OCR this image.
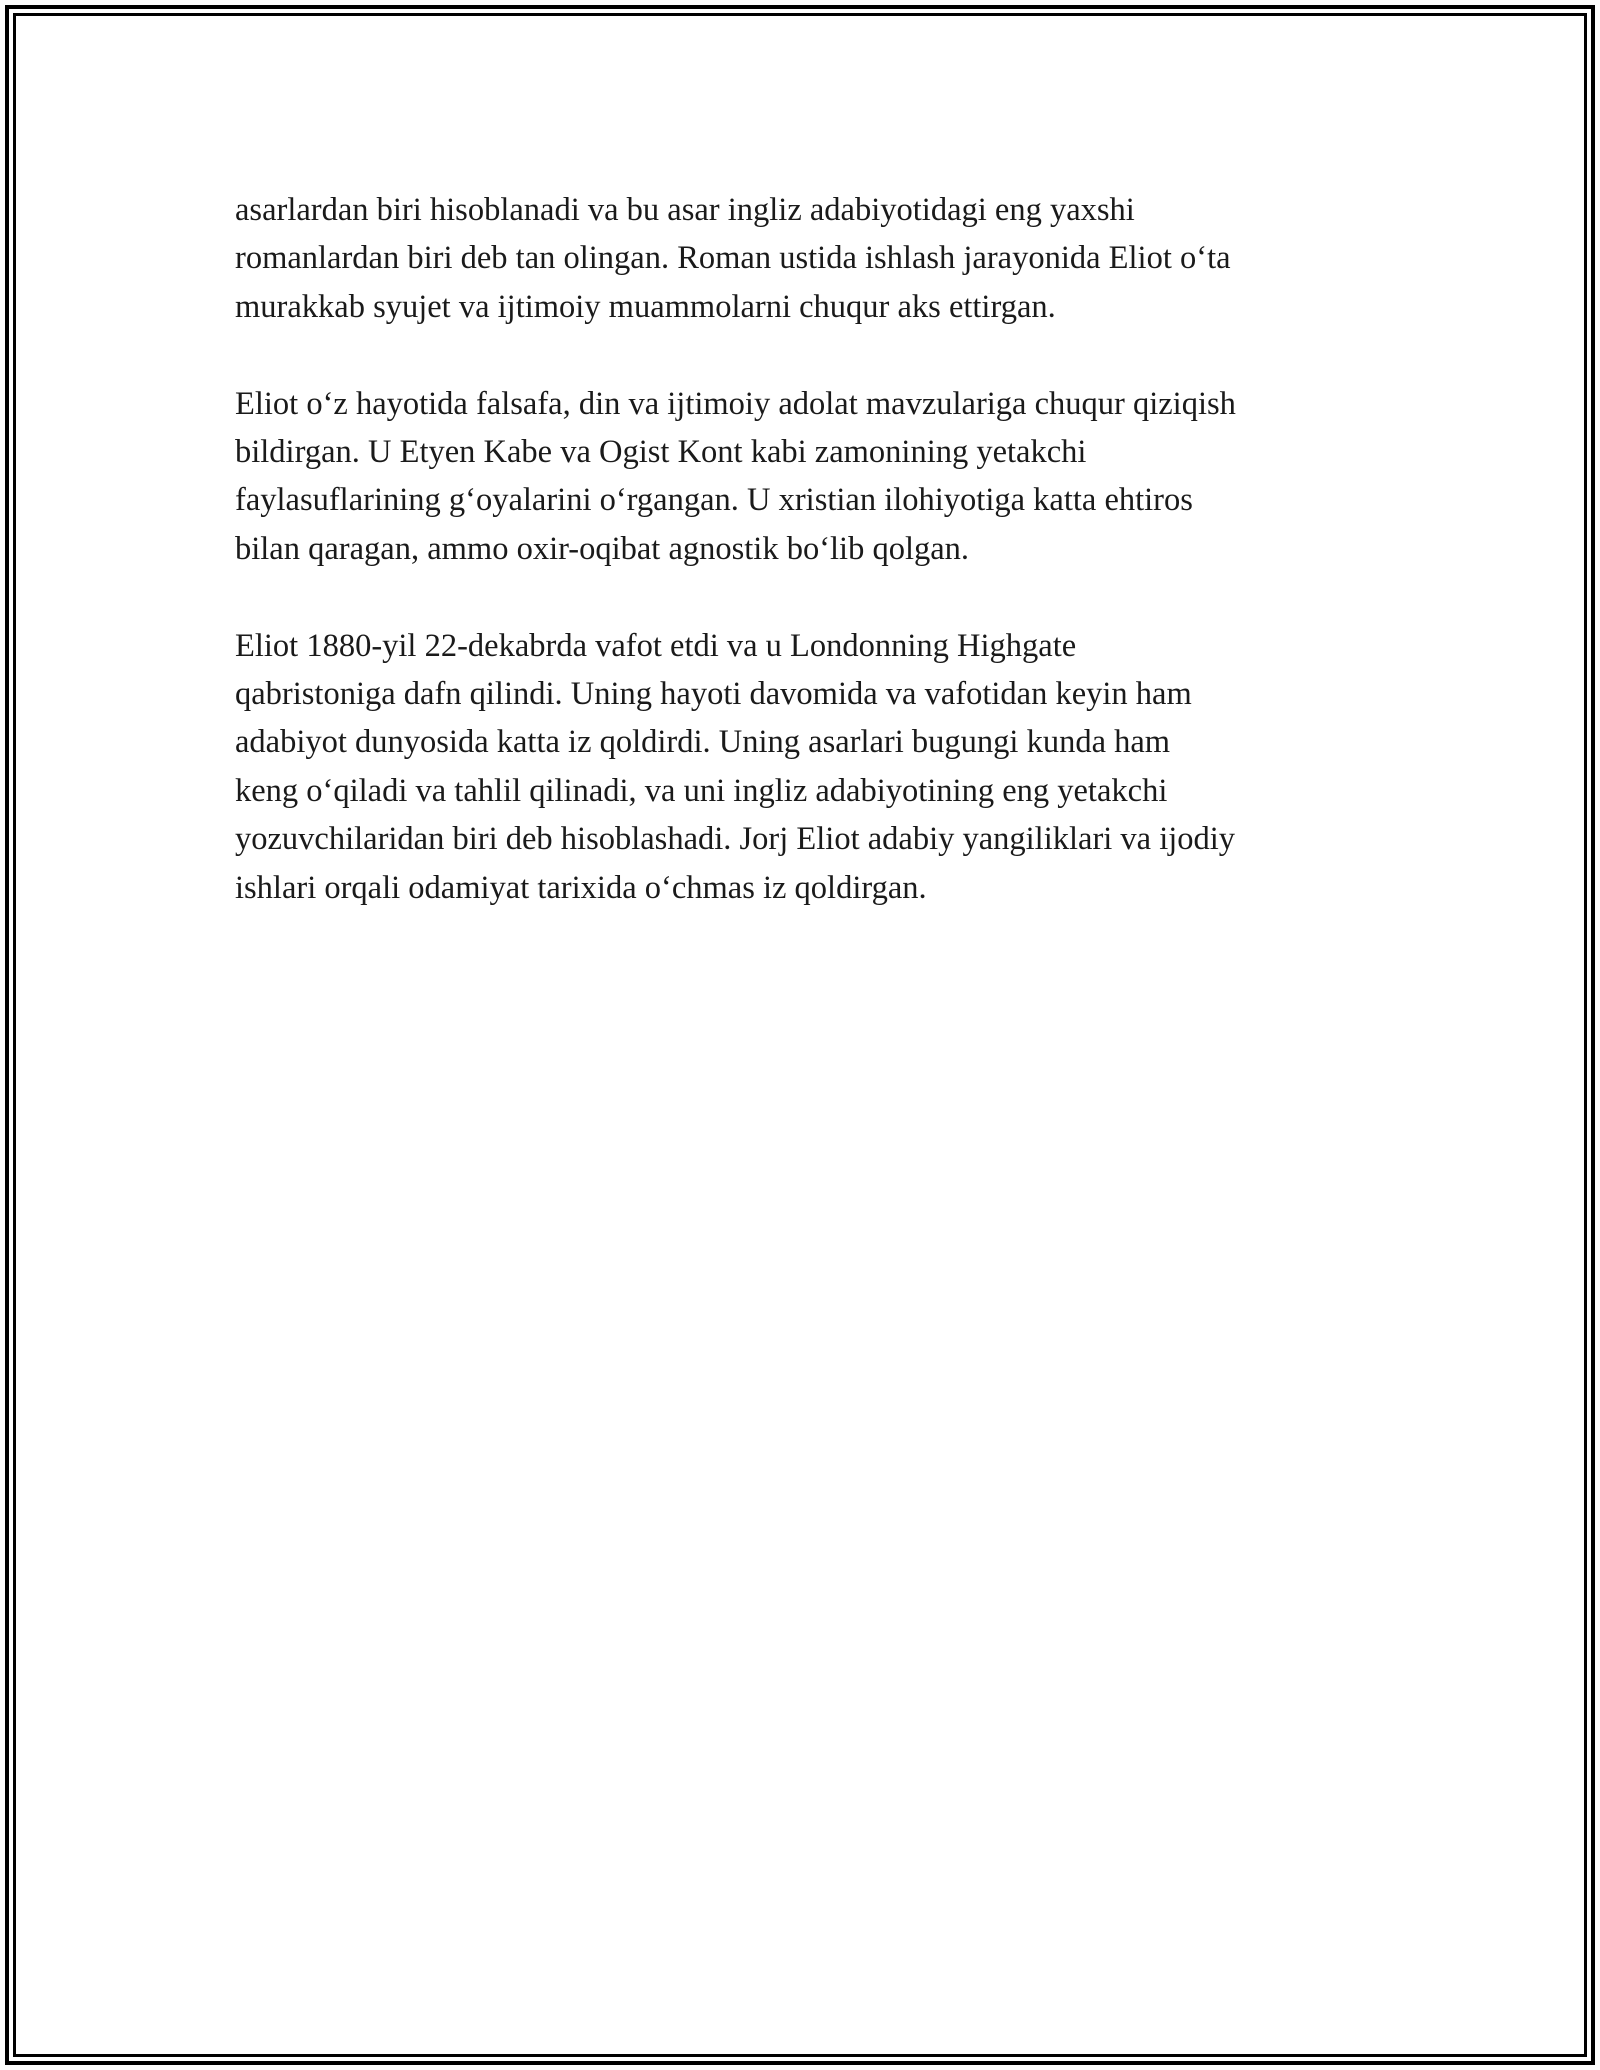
asarlardan biri hisoblanadi va bu asar ingliz adabiyotidagi eng yaxshi
romanlardan biri deb tan olingan. Roman ustida ishlash jarayonida Eliot oʻta
murakkab syujet va ijtimoiy muammolarni chuqur aks ettirgan.

Eliot oʻz hayotida falsafa, din va ijtimoiy adolat mavzulariga chuqur qiziqish
bildirgan. U Etyen Kabe va Ogist Kont kabi zamonining yetakchi
faylasuflarining gʻoyalarini oʻrgangan. U xristian ilohiyotiga katta ehtiros
bilan qaragan, ammo oxir-oqibat agnostik boʻlib qolgan.

Eliot 1880-yil 22-dekabrda vafot etdi va u Londonning Highgate
qabristoniga dafn qilindi. Uning hayoti davomida va vafotidan keyin ham
adabiyot dunyosida katta iz qoldirdi. Uning asarlari bugungi kunda ham
keng oʻqiladi va tahlil qilinadi, va uni ingliz adabiyotining eng yetakchi
yozuvchilaridan biri deb hisoblashadi. Jorj Eliot adabiy yangiliklari va ijodiy
ishlari orqali odamiyat tarixida oʻchmas iz qoldirgan.
